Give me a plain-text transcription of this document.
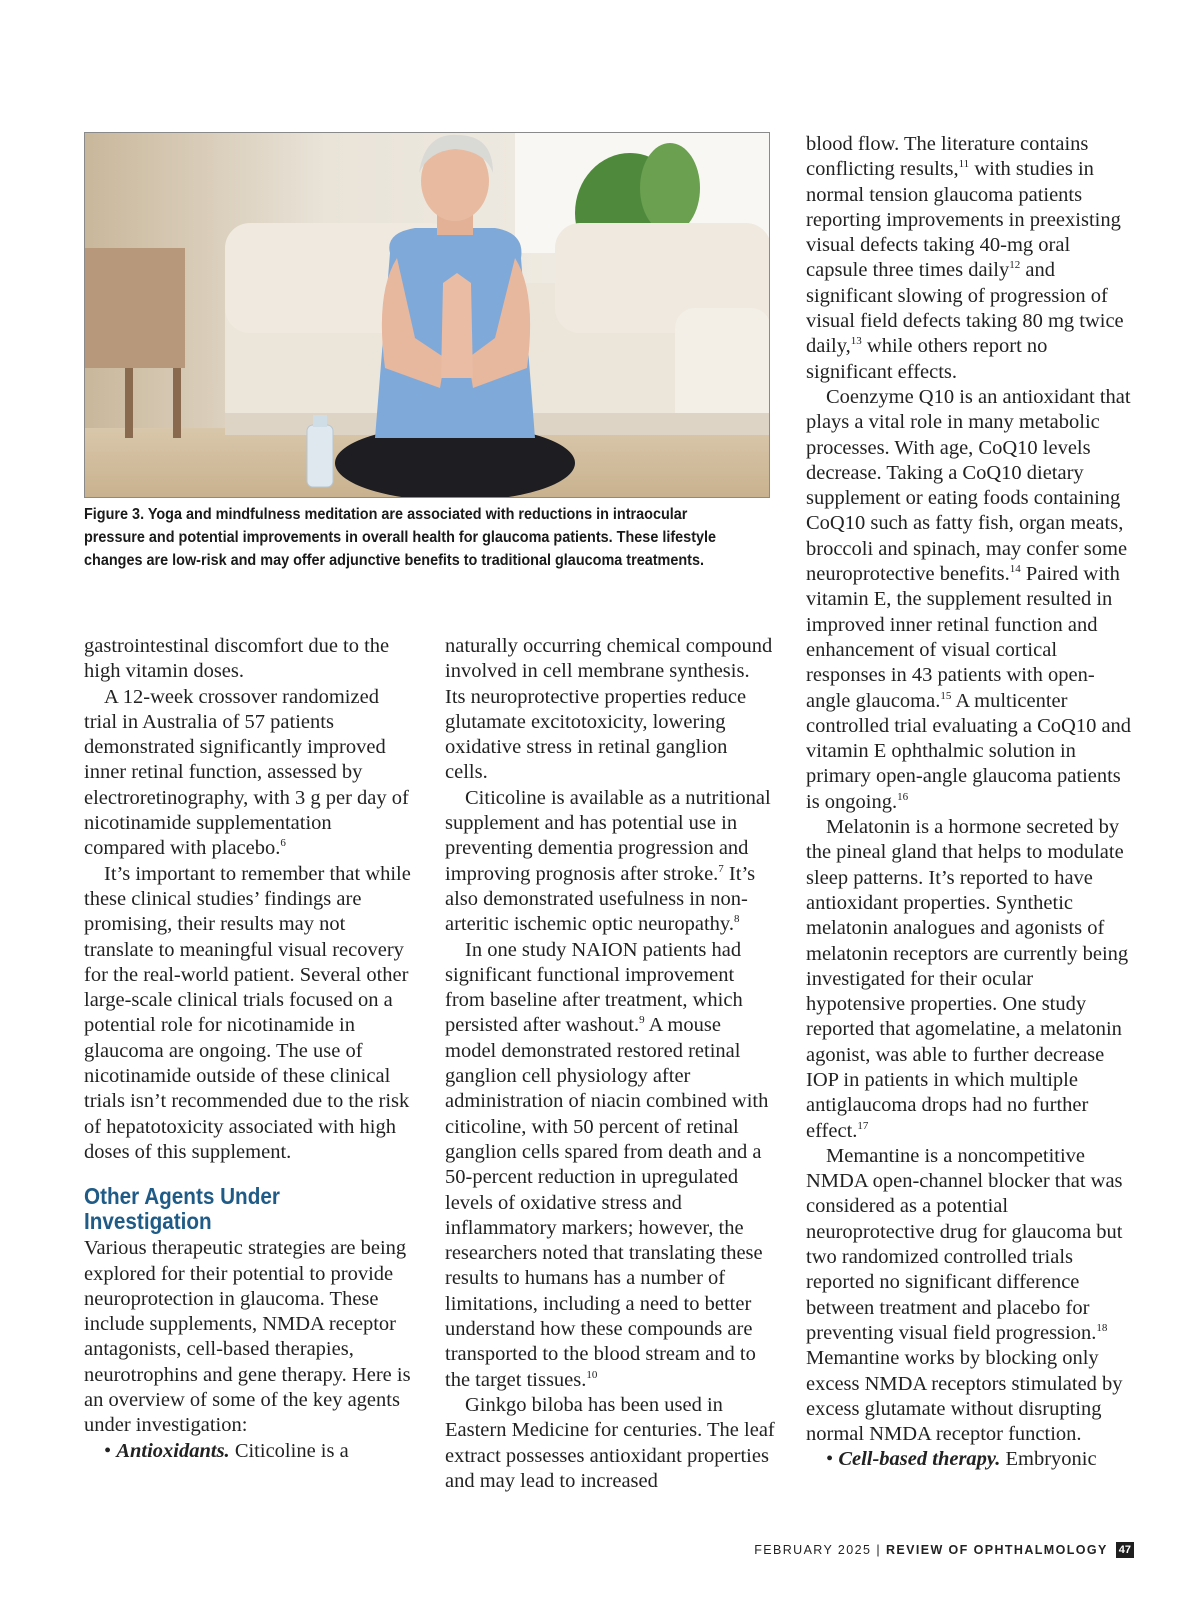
Figure 3. Yoga and mindfulness meditation are associated with reductions in intraocular pressure and potential improvements in overall health for glaucoma patients. These lifestyle changes are low-risk and may offer adjunctive benefits to traditional glaucoma treatments.

gastrointestinal discomfort due to the high vitamin doses.

A 12-week crossover randomized trial in Australia of 57 patients demonstrated significantly improved inner retinal function, assessed by electroretinography, with 3 g per day of nicotinamide supplementation compared with placebo.$^6$

It’s important to remember that while these clinical studies’ findings are promising, their results may not translate to meaningful visual recovery for the real-world patient. Several other large-scale clinical trials focused on a potential role for nicotinamide in glaucoma are ongoing. The use of nicotinamide outside of these clinical trials isn’t recommended due to the risk of hepatotoxicity associated with high doses of this supplement.

Other Agents Under Investigation

Various therapeutic strategies are being explored for their potential to provide neuroprotection in glaucoma. These include supplements, NMDA receptor antagonists, cell-based therapies, neurotrophins and gene therapy. Here is an overview of some of the key agents under investigation:

• Antioxidants. Citicoline is a

naturally occurring chemical compound involved in cell membrane synthesis. Its neuroprotective properties reduce glutamate excitotoxicity, lowering oxidative stress in retinal ganglion cells.

Citicoline is available as a nutritional supplement and has potential use in preventing dementia progression and improving prognosis after stroke.$^7$ It’s also demonstrated usefulness in non-arteritic ischemic optic neuropathy.$^8$

In one study NAION patients had significant functional improvement from baseline after treatment, which persisted after washout.$^9$ A mouse model demonstrated restored retinal ganglion cell physiology after administration of niacin combined with citicoline, with 50 percent of retinal ganglion cells spared from death and a 50-percent reduction in upregulated levels of oxidative stress and inflammatory markers; however, the researchers noted that translating these results to humans has a number of limitations, including a need to better understand how these compounds are transported to the blood stream and to the target tissues.$^{10}$

Ginkgo biloba has been used in Eastern Medicine for centuries. The leaf extract possesses antioxidant properties and may lead to increased

blood flow. The literature contains conflicting results,$^{11}$ with studies in normal tension glaucoma patients reporting improvements in preexisting visual defects taking 40-mg oral capsule three times daily$^{12}$ and significant slowing of progression of visual field defects taking 80 mg twice daily,$^{13}$ while others report no significant effects.

Coenzyme Q10 is an antioxidant that plays a vital role in many metabolic processes. With age, CoQ10 levels decrease. Taking a CoQ10 dietary supplement or eating foods containing CoQ10 such as fatty fish, organ meats, broccoli and spinach, may confer some neuroprotective benefits.$^{14}$ Paired with vitamin E, the supplement resulted in improved inner retinal function and enhancement of visual cortical responses in 43 patients with open-angle glaucoma.$^{15}$ A multicenter controlled trial evaluating a CoQ10 and vitamin E ophthalmic solution in primary open-angle glaucoma patients is ongoing.$^{16}$

Melatonin is a hormone secreted by the pineal gland that helps to modulate sleep patterns. It’s reported to have antioxidant properties. Synthetic melatonin analogues and agonists of melatonin receptors are currently being investigated for their ocular hypotensive properties. One study reported that agomelatine, a melatonin agonist, was able to further decrease IOP in patients in which multiple antiglaucoma drops had no further effect.$^{17}$

Memantine is a noncompetitive NMDA open-channel blocker that was considered as a potential neuroprotective drug for glaucoma but two randomized controlled trials reported no significant difference between treatment and placebo for preventing visual field progression.$^{18}$ Memantine works by blocking only excess NMDA receptors stimulated by excess glutamate without disrupting normal NMDA receptor function.

• Cell-based therapy. Embryonic

FEBRUARY 2025 | REVIEW OF OPHTHALMOLOGY 47
